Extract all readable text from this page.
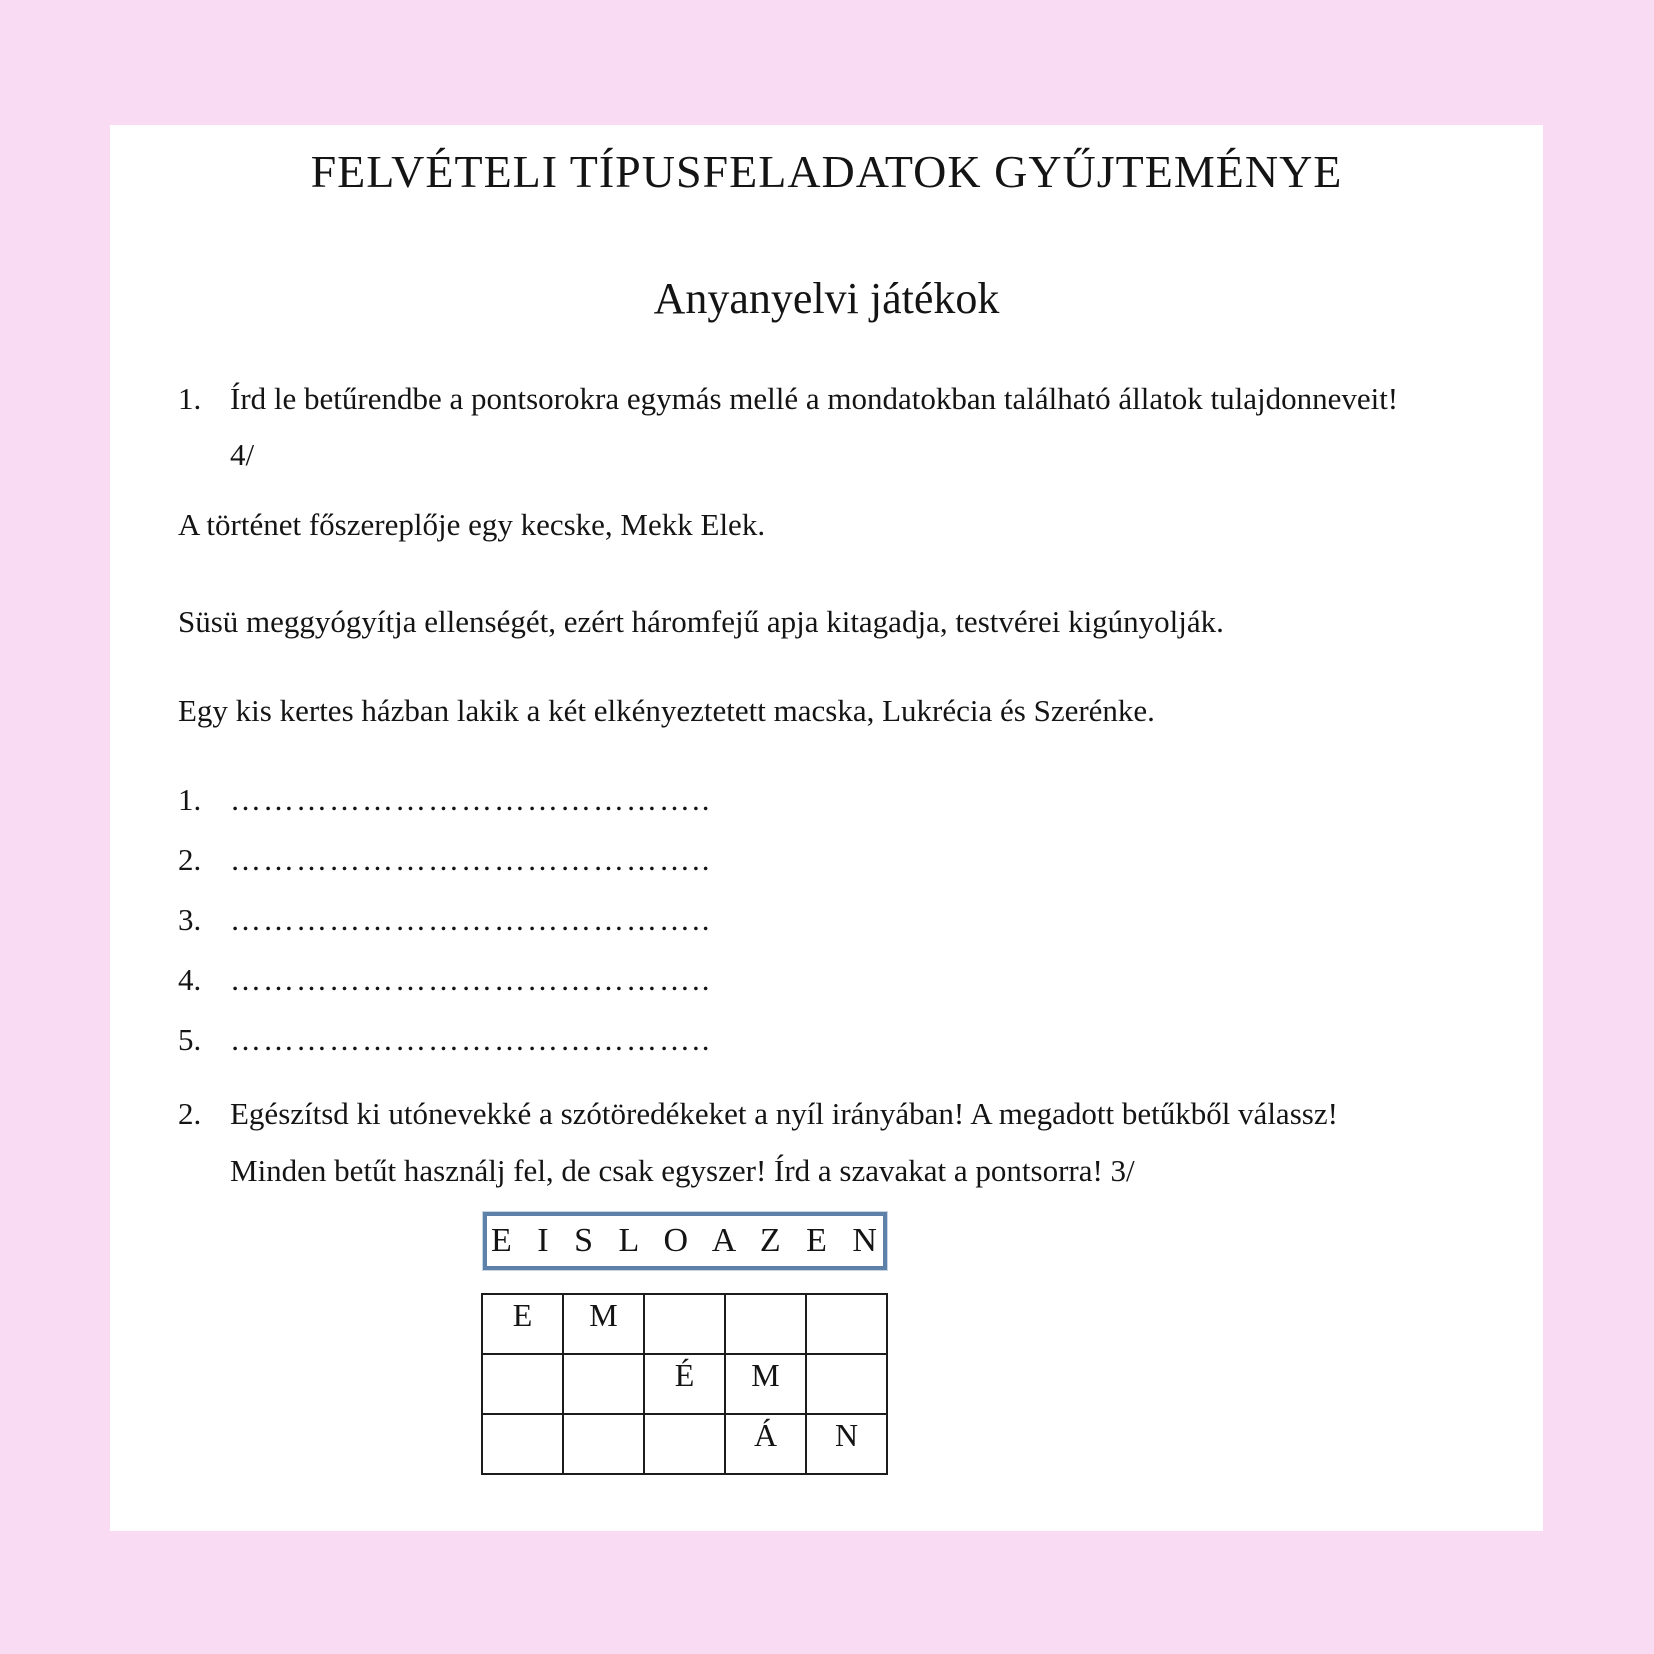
FELVÉTELI TÍPUSFELADATOK GYŰJTEMÉNYE
Anyanyelvi játékok
1. Írd le betűrendbe a pontsorokra egymás mellé a mondatokban található állatok tulajdonneveit!
4/

A történet főszereplője egy kecske, Mekk Elek.

Süsü meggyógyítja ellenségét, ezért háromfejű apja kitagadja, testvérei kigúnyolják.

Egy kis kertes házban lakik a két elkényeztetett macska, Lukrécia és Szerénke.

1. ……………………………………..
2. ……………………………………..
3. ……………………………………..
4. ……………………………………..
5. ……………………………………..
2. Egészítsd ki utónevekké a szótöredékeket a nyíl irányában! A megadott betűkből válassz!
Minden betűt használj fel, de csak egyszer! Írd a szavakat a pontsorra! 3/
E I S L O A Z E N
E	M			
		É	M	
			Á	N
